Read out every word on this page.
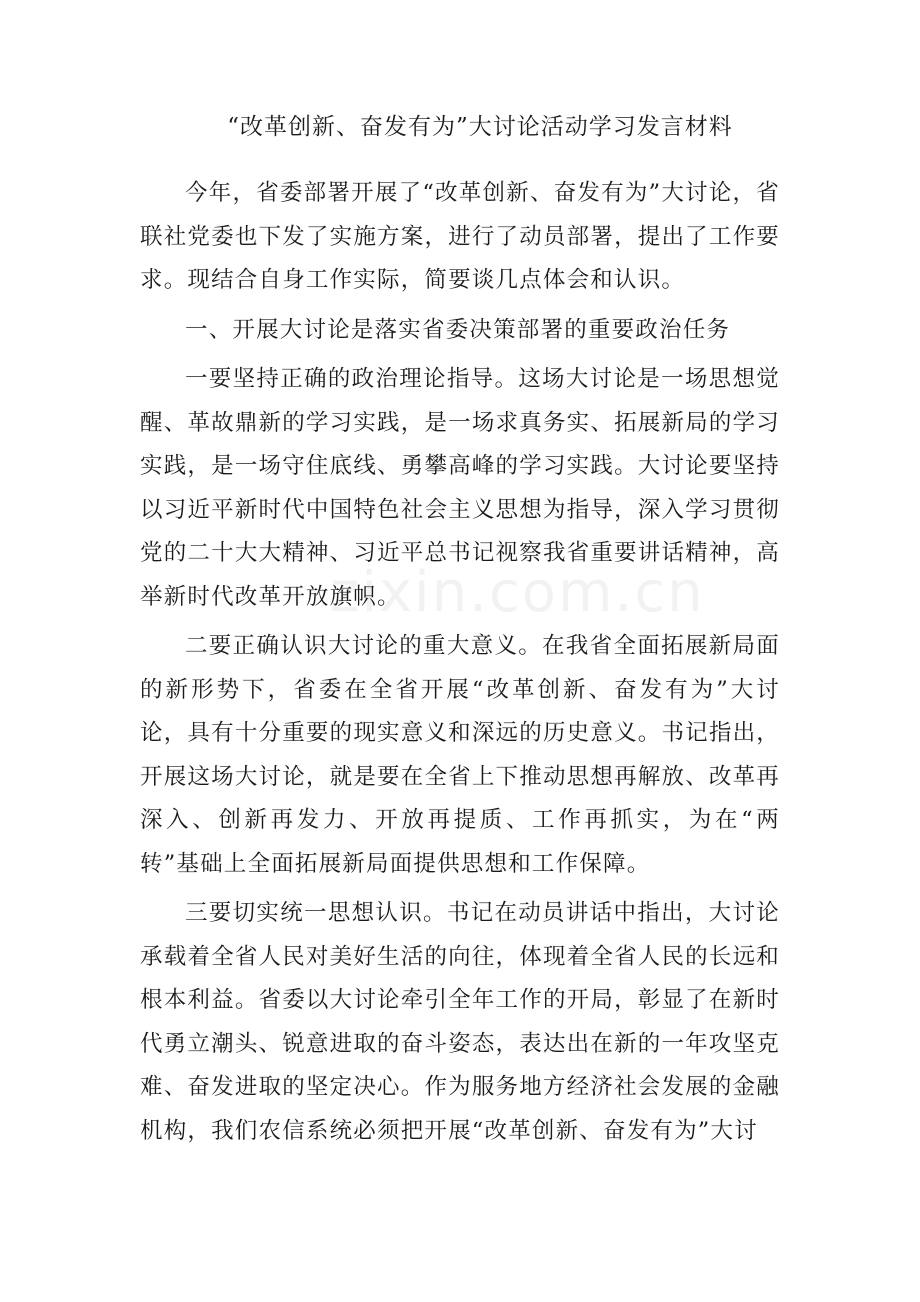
“改革创新、奋发有为”大讨论活动学习发言材料

今年，省委部署开展了“改革创新、奋发有为”大讨论，省联社党委也下发了实施方案，进行了动员部署，提出了工作要求。现结合自身工作实际，简要谈几点体会和认识。

一、开展大讨论是落实省委决策部署的重要政治任务

一要坚持正确的政治理论指导。这场大讨论是一场思想觉醒、革故鼎新的学习实践，是一场求真务实、拓展新局的学习实践，是一场守住底线、勇攀高峰的学习实践。大讨论要坚持以习近平新时代中国特色社会主义思想为指导，深入学习贯彻党的二十大大精神、习近平总书记视察我省重要讲话精神，高举新时代改革开放旗帜。

二要正确认识大讨论的重大意义。在我省全面拓展新局面的新形势下，省委在全省开展“改革创新、奋发有为”大讨论，具有十分重要的现实意义和深远的历史意义。书记指出，开展这场大讨论，就是要在全省上下推动思想再解放、改革再深入、创新再发力、开放再提质、工作再抓实，为在“两转”基础上全面拓展新局面提供思想和工作保障。

三要切实统一思想认识。书记在动员讲话中指出，大讨论承载着全省人民对美好生活的向往，体现着全省人民的长远和根本利益。省委以大讨论牵引全年工作的开局，彰显了在新时代勇立潮头、锐意进取的奋斗姿态，表达出在新的一年攻坚克难、奋发进取的坚定决心。作为服务地方经济社会发展的金融机构，我们农信系统必须把开展“改革创新、奋发有为”大讨

zixin.com.cn
